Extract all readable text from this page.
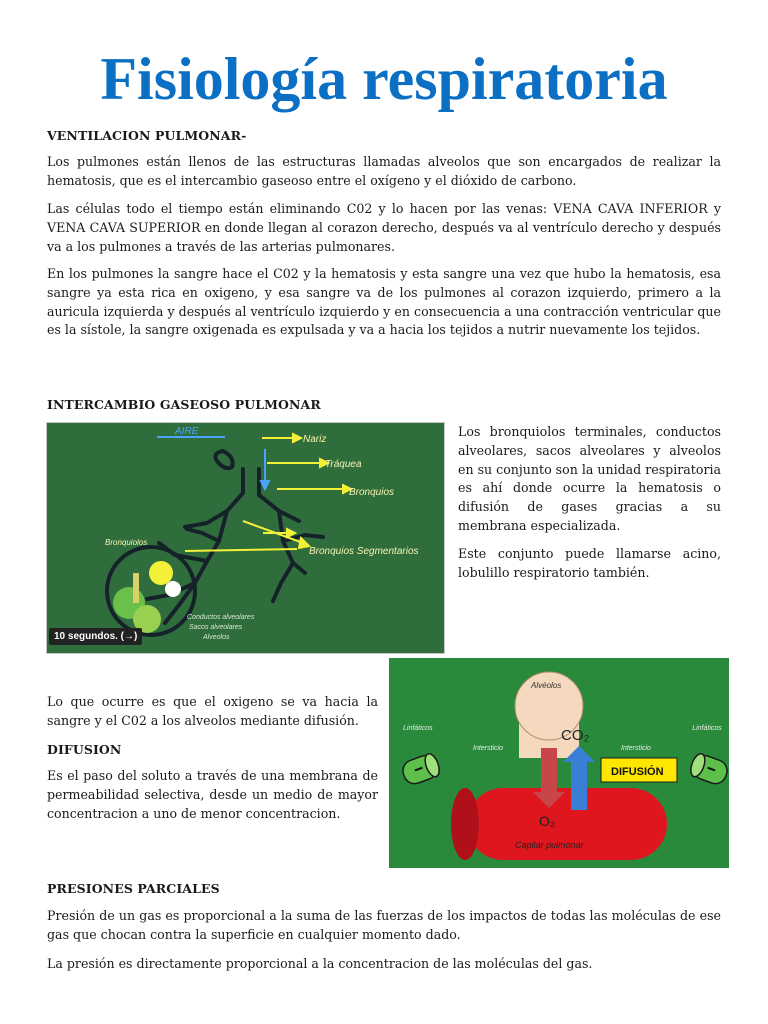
Fisiología respiratoria
VENTILACION PULMONAR-

Los pulmones están llenos de las estructuras llamadas alveolos que son encargados de realizar la hematosis, que es el intercambio gaseoso entre el oxígeno y el dióxido de carbono.

Las células todo el tiempo están eliminando C02 y lo hacen por las venas: VENA CAVA INFERIOR y VENA CAVA SUPERIOR en donde llegan al corazon derecho, después va al ventrículo derecho y después va a los pulmones a través de las arterias pulmonares.

En los pulmones la sangre hace el C02 y la hematosis y esta sangre una vez que hubo la hematosis, esa sangre ya esta rica en oxigeno, y esa sangre va de los pulmones al corazon izquierdo, primero a la auricula izquierda y después al ventrículo izquierdo y en consecuencia a una contracción ventricular que es la sístole, la sangre oxigenada es expulsada y va a hacia los tejidos a nutrir nuevamente los tejidos.

INTERCAMBIO GASEOSO PULMONAR
Nariz
Tráquea
Bronquios
Bronquios Segmentarios
AIRE
Bronquiolos
Conductos alveolares
Sacos alveolares
Alveolos
10 segundos. (→)

Los bronquiolos terminales, conductos alveolares, sacos alveolares y alveolos en su conjunto son la unidad respiratoria es ahí donde ocurre la hematosis o difusión de gases gracias a su membrana especializada.

Este conjunto puede llamarse acino, lobulillo respiratorio también.

Alvéolos
CO₂
Capilar pulmonar
O₂
DIFUSIÓN
Intersticio	Intersticio
Linfáticos	Linfáticos

Lo que ocurre es que el oxigeno se va hacia la sangre y el C02 a los alveolos mediante difusión.

DIFUSION

Es el paso del soluto a través de una membrana de permeabilidad selectiva, desde un medio de mayor concentracion a uno de menor concentracion.

PRESIONES PARCIALES

Presión de un gas es proporcional a la suma de las fuerzas de los impactos de todas las moléculas de ese gas que chocan contra la superficie en cualquier momento dado.

La presión es directamente proporcional a la concentracion de las moléculas del gas.
